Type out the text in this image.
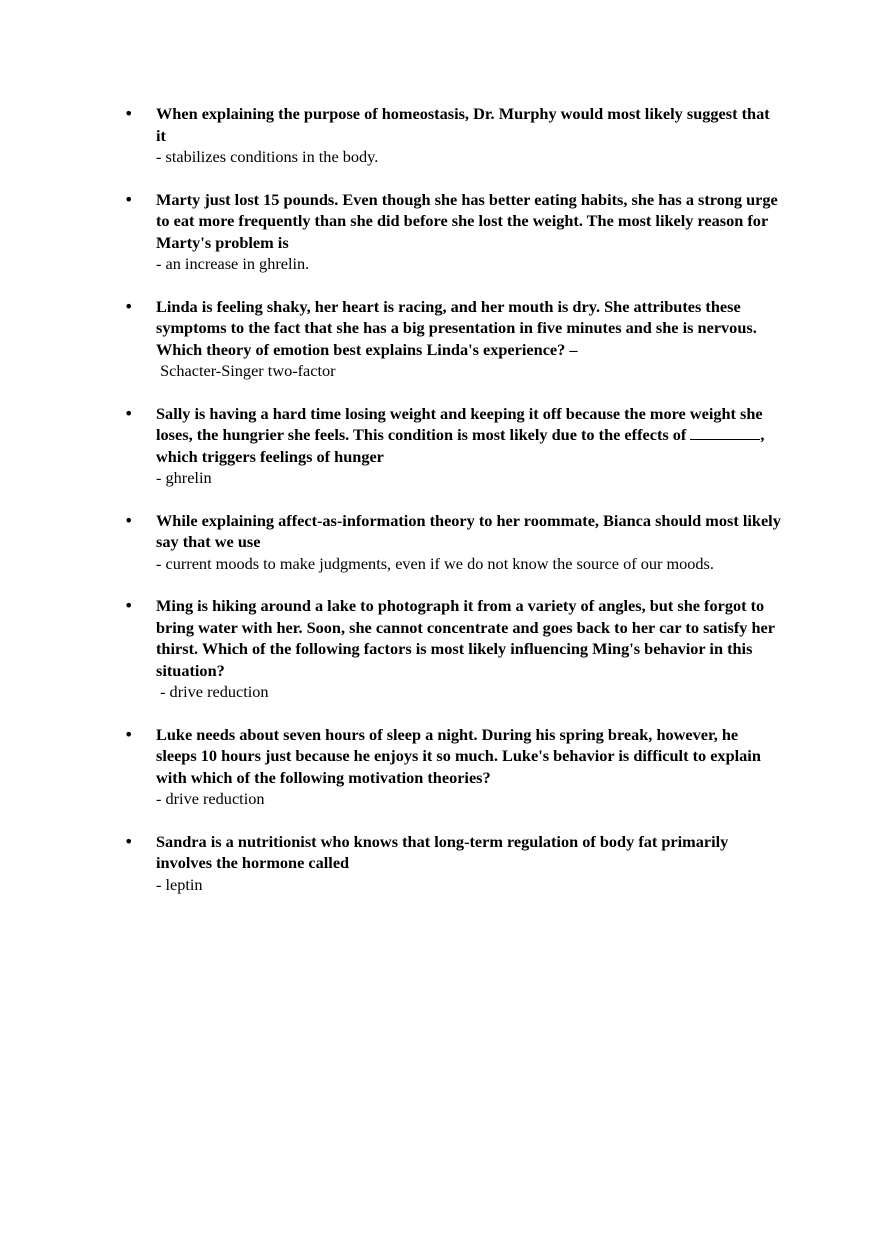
• When explaining the purpose of homeostasis, Dr. Murphy would most likely suggest that it

- stabilizes conditions in the body.

• Marty just lost 15 pounds. Even though she has better eating habits, she has a strong urge to eat more frequently than she did before she lost the weight. The most likely reason for Marty's problem is

- an increase in ghrelin.

• Linda is feeling shaky, her heart is racing, and her mouth is dry. She attributes these symptoms to the fact that she has a big presentation in five minutes and she is nervous. Which theory of emotion best explains Linda's experience? –

Schacter-Singer two-factor

• Sally is having a hard time losing weight and keeping it off because the more weight she loses, the hungrier she feels. This condition is most likely due to the effects of	, which triggers feelings of hunger

- ghrelin

• While explaining affect-as-information theory to her roommate, Bianca should most likely say that we use

- current moods to make judgments, even if we do not know the source of our moods.

• Ming is hiking around a lake to photograph it from a variety of angles, but she forgot to bring water with her. Soon, she cannot concentrate and goes back to her car to satisfy her thirst. Which of the following factors is most likely influencing Ming's behavior in this situation?

- drive reduction

• Luke needs about seven hours of sleep a night. During his spring break, however, he sleeps 10 hours just because he enjoys it so much. Luke's behavior is difficult to explain with which of the following motivation theories?

- drive reduction

• Sandra is a nutritionist who knows that long-term regulation of body fat primarily involves the hormone called

- leptin
